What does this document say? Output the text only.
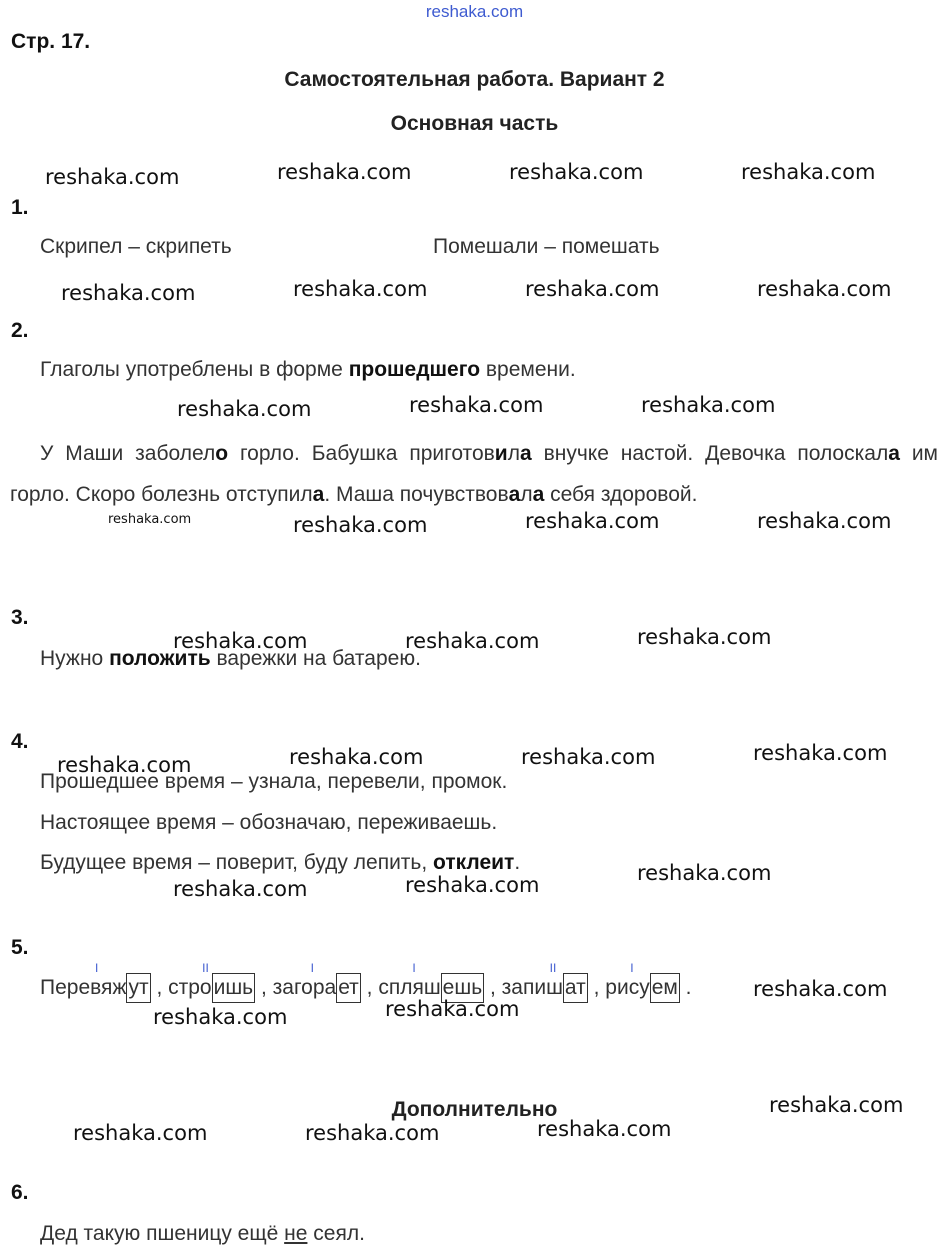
reshaka.com
Стр. 17.
Самостоятельная работа. Вариант 2
Основная часть
1.
Скрипел – скрипеть	Помешали – помешать
2.
Глаголы употреблены в форме прошедшего времени.
У Маши заболело горло. Бабушка приготовила внучке настой. Девочка полоскала им горло. Скоро болезнь отступила. Маша почувствовала себя здоровой.
3.
Нужно положить варежки на батарею.
4.
Прошедшее время – узнала, перевели, промок.
Настоящее время – обозначаю, переживаешь.
Будущее время – поверит, буду лепить, отклеит.
5.
I
Перевяжут ,
II
строишь ,
I
загорает ,
I
спляшешь ,
II
запишат ,
I
рисуем .
Дополнительно
6.
Дед такую пшеницу ещё не сеял.
reshaka.com	reshaka.com	reshaka.com	reshaka.com
reshaka.com	reshaka.com	reshaka.com	reshaka.com
reshaka.com	reshaka.com	reshaka.com
reshaka.com	reshaka.com	reshaka.com	reshaka.com
reshaka.com	reshaka.com	reshaka.com
reshaka.com	reshaka.com	reshaka.com	reshaka.com
reshaka.com	reshaka.com	reshaka.com
reshaka.com
reshaka.com	reshaka.com
reshaka.com
reshaka.com	reshaka.com	reshaka.com
